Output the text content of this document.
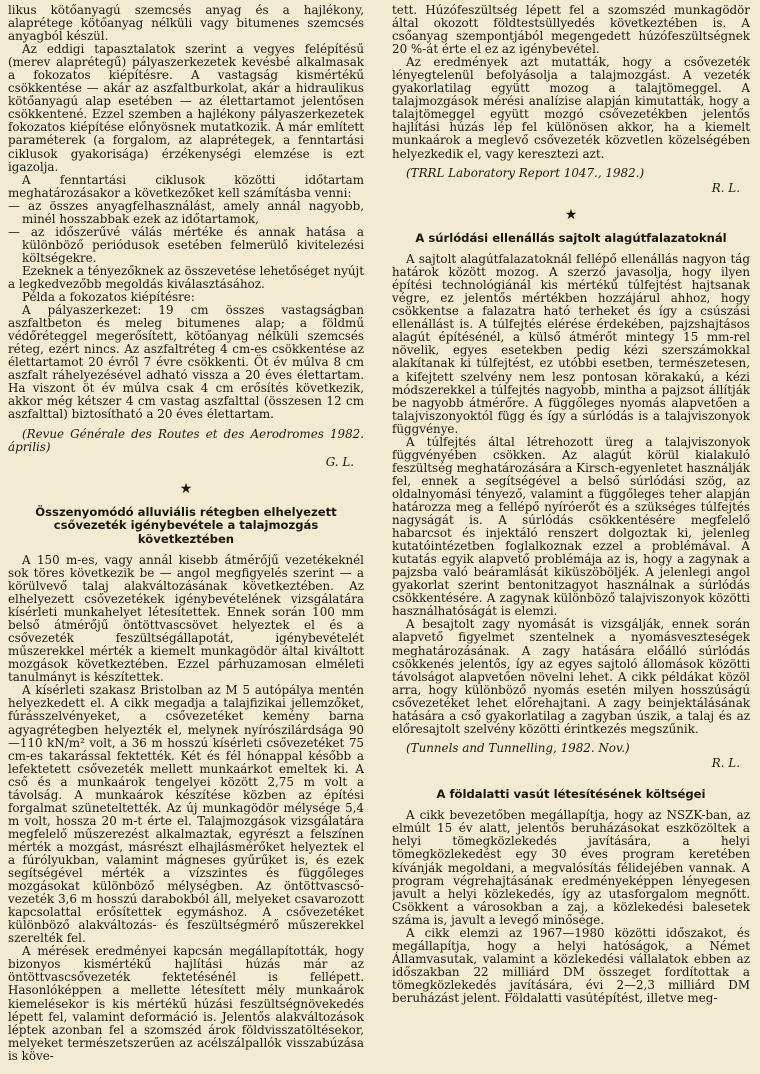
likus kötőanyagú szemcsés anyag és a hajlékony, alaprétege kötőanyag nélküli vagy bitumenes szemcsés anyagból készül.

Az eddigi tapasztalatok szerint a vegyes felépítésű (merev alaprétegű) pályaszerkezetek kevésbé alkalmasak a fokozatos kiépítésre. A vastagság kismértékű csökkentése — akár az aszfaltburkolat, akár a hidraulikus kötőanyagú alap esetében — az élettartamot jelentősen csökkentené. Ezzel szemben a hajlékony pályaszerkezetek fokozatos kiépítése előnyösnek mutatkozik. A már említett paraméterek (a forgalom, az alaprétegek, a fenntartási ciklusok gyakorisága) érzékenységi elemzése is ezt igazolja.

A fenntartási ciklusok közötti időtartam meghatározásakor a következőket kell számításba venni:

— az összes anyagfelhasználást, amely annál nagyobb, minél hosszabbak ezek az időtartamok,

— az időszerűvé válás mértéke és annak hatása a különböző periódusok esetében felmerülő kivitelezési költségekre.

Ezeknek a tényezőknek az összevetése lehetőséget nyújt a legkedvezőbb megoldás kiválasztásához.

Példa a fokozatos kiépítésre:

A pályaszerkezet: 19 cm összes vastagságban aszfaltbeton és meleg bitumenes alap; a földmű védőréteggel megerősített, kötőanyag nélküli szemcsés réteg, ezért nincs. Az aszfaltréteg 4 cm-es csökkentése az élettartamot 20 évről 7 évre csökkenti. Öt év múlva 8 cm aszfalt ráhelyezésével adható vissza a 20 éves élettartam. Ha viszont öt év múlva csak 4 cm erősítés következik, akkor még kétszer 4 cm vastag aszfalttal (összesen 12 cm aszfalttal) biztosítható a 20 éves élettartam.

(Revue Générale des Routes et des Aerodromes 1982. április)

G. L.
★
Összenyomódó alluviális rétegben elhelyezett csővezeték igénybevétele a talajmozgás következtében

A 150 m-es, vagy annál kisebb átmérőjű vezetékeknél sok töres következik be — angol megfigyelés szerint — a körülvevő talaj alakváltozásának következtében. Az elhelyezett csővezetékek igénybevételének vizsgálatára kísérleti munkahelyet létesítettek. Ennek során 100 mm belső átmérőjű öntöttvascsövet helyeztek el és a csővezeték feszültségállapotát, igénybevételét műszerekkel mérték a kiemelt munkagödör által kiváltott mozgások következtében. Ezzel párhuzamosan elméleti tanulmányt is készítettek.

A kísérleti szakasz Bristolban az M 5 autópálya mentén helyezkedett el. A cikk megadja a talajfizikai jellemzőket, fúrásszelvényeket, a csővezetéket kemény barna agyagrétegben helyezték el, melynek nyírószilárdsága 90—110 kN/m² volt, a 36 m hosszú kísérleti csővezetéket 75 cm-es takarással fektették. Két és fél hónappal később a lefektetett csővezeték mellett munkaárkot emeltek ki. A cső és a munkaárok tengelyei között 2,75 m volt a távolság. A munkaárok készítése közben az építési forgalmat szüneteltették. Az új munkagödör mélysége 5,4 m volt, hossza 20 m-t érte el. Talajmozgások vizsgálatára megfelelő műszerezést alkalmaztak, egyrészt a felszínen mérték a mozgást, másrészt elhajlásmérőket helyeztek el a fúrólyukban, valamint mágneses gyűrűket is, és ezek segítségével mérték a vízszintes és függőleges mozgásokat különböző mélységben. Az öntöttvascső-vezeték 3,6 m hosszú darabokból áll, melyeket csavarozott kapcsolattal erősítettek egymáshoz. A csővezetéket különböző alakváltozás- és feszültségmérő műszerekkel szerelték fel.

A mérések eredményei kapcsán megállapították, hogy bizonyos kismértékű hajlítási húzás már az öntöttvascsővezeték fektetésénél is fellépett. Hasonlóképpen a mellette létesített mély munkaárok kiemelésekor is kis mértékű húzási feszültségnövekedés lépett fel, valamint deformáció is. Jelentős alakváltozások léptek azonban fel a szomszéd árok földvisszatöltésekor, melyeket természetszerűen az acélszálpallók visszabúzása is köve-

tett. Húzófeszültség lépett fel a szomszéd munkagödör által okozott földtestsüllyedés következtében is. A csőanyag szempontjából megengedett húzófeszültségnek 20 %-át érte el ez az igénybevétel.

Az eredmények azt mutatták, hogy a csővezeték lényegtelenül befolyásolja a talajmozgást. A vezeték gyakorlatilag együtt mozog a talajtömeggel. A talajmozgások mérési analízise alapján kimutatták, hogy a talajtömeggel együtt mozgó csővezetékben jelentős hajlítási húzás lép fel különösen akkor, ha a kiemelt munkaárok a meglevő csővezeték közvetlen közelségében helyezkedik el, vagy keresztezi azt.

(TRRL Laboratory Report 1047., 1982.)

R. L.
★
A súrlódási ellenállás sajtolt alagútfalazatoknál

A sajtolt alagútfalazatoknál fellépő ellenállás nagyon tág határok között mozog. A szerző javasolja, hogy ilyen építési technológiánál kis mértékű túlfejtést hajtsanak végre, ez jelentős mértékben hozzájárul ahhoz, hogy csökkentse a falazatra ható terheket és így a csúszási ellenállást is. A túlfejtés elérése érdekében, pajzshajtásos alagút építésénél, a külső átmérőt mintegy 15 mm-rel növelik, egyes esetekben pedig kézi szerszámokkal alakítanak ki túlfejtést, ez utóbbi esetben, természetesen, a kifejtett szelvény nem lesz pontosan körakakú, a kézi módszerekkel a túlfejtés nagyobb, mintha a pajzsot állítják be nagyobb átmérőre. A függőleges nyomás alapvetően a talajviszonyoktól függ és így a súrlódás is a talajviszonyok függvénye.

A túlfejtés által létrehozott üreg a talajviszonyok függvényében csökken. Az alagút körül kialakuló feszültség meghatározására a Kirsch-egyenletet használják fel, ennek a segítségével a belső súrlódási szög, az oldalnyomási tényező, valamint a függőleges teher alapján határozza meg a fellépő nyíróerőt és a szükséges túlfejtés nagyságát is. A súrlódás csökkentésére megfelelő habarcsot és injektáló renszert dolgoztak ki, jelenleg kutatóintézetben foglalkoznak ezzel a problémával. A kutatás egyik alapvető problémája az is, hogy a zagynak a pajzsba való beáramlását kiküszöböljék. A jelenlegi angol gyakorlat szerint bentonitzagyot használnak a súrlódás csökkentésére. A zagynak különböző talajviszonyok közötti használhatóságát is elemzi.

A besajtolt zagy nyomását is vizsgálják, ennek során alapvető figyelmet szentelnek a nyomásveszteségek meghatározásának. A zagy hatására előálló súrlódás csökkenés jelentős, így az egyes sajtoló állomások közötti távolságot alapvetően növelni lehet. A cikk példákat közöl arra, hogy különböző nyomás esetén milyen hosszúságú csővezetéket lehet előrehajtani. A zagy beinjektálásának hatására a cső gyakorlatilag a zagyban úszik, a talaj és az előresajtolt szelvény közötti érintkezés megszűnik.

(Tunnels and Tunnelling, 1982. Nov.)

R. L.
A földalatti vasút létesítésének költségei

A cikk bevezetőben megállapítja, hogy az NSZK-ban, az elmúlt 15 év alatt, jelentős beruházásokat eszközöltek a helyi tömegközlekedés javítására, a helyi tömegközlekedést egy 30 éves program keretében kívánják megoldani, a megvalósítás félidejében vannak. A program végrehajtásának eredményeképpen lényegesen javult a helyi közlekedés, így az utasforgalom megnőtt. Csökkent a városokban a zaj, a közlekedési balesetek száma is, javult a levegő minősége.

A cikk elemzi az 1967—1980 közötti időszakot, és megállapítja, hogy a helyi hatóságok, a Német Államvasutak, valamint a közlekedési vállalatok ebben az időszakban 22 milliárd DM összeget fordítottak a tömegközlekedés javítására, évi 2—2,3 milliárd DM beruházást jelent. Földalatti vasútépítést, illetve meg-
